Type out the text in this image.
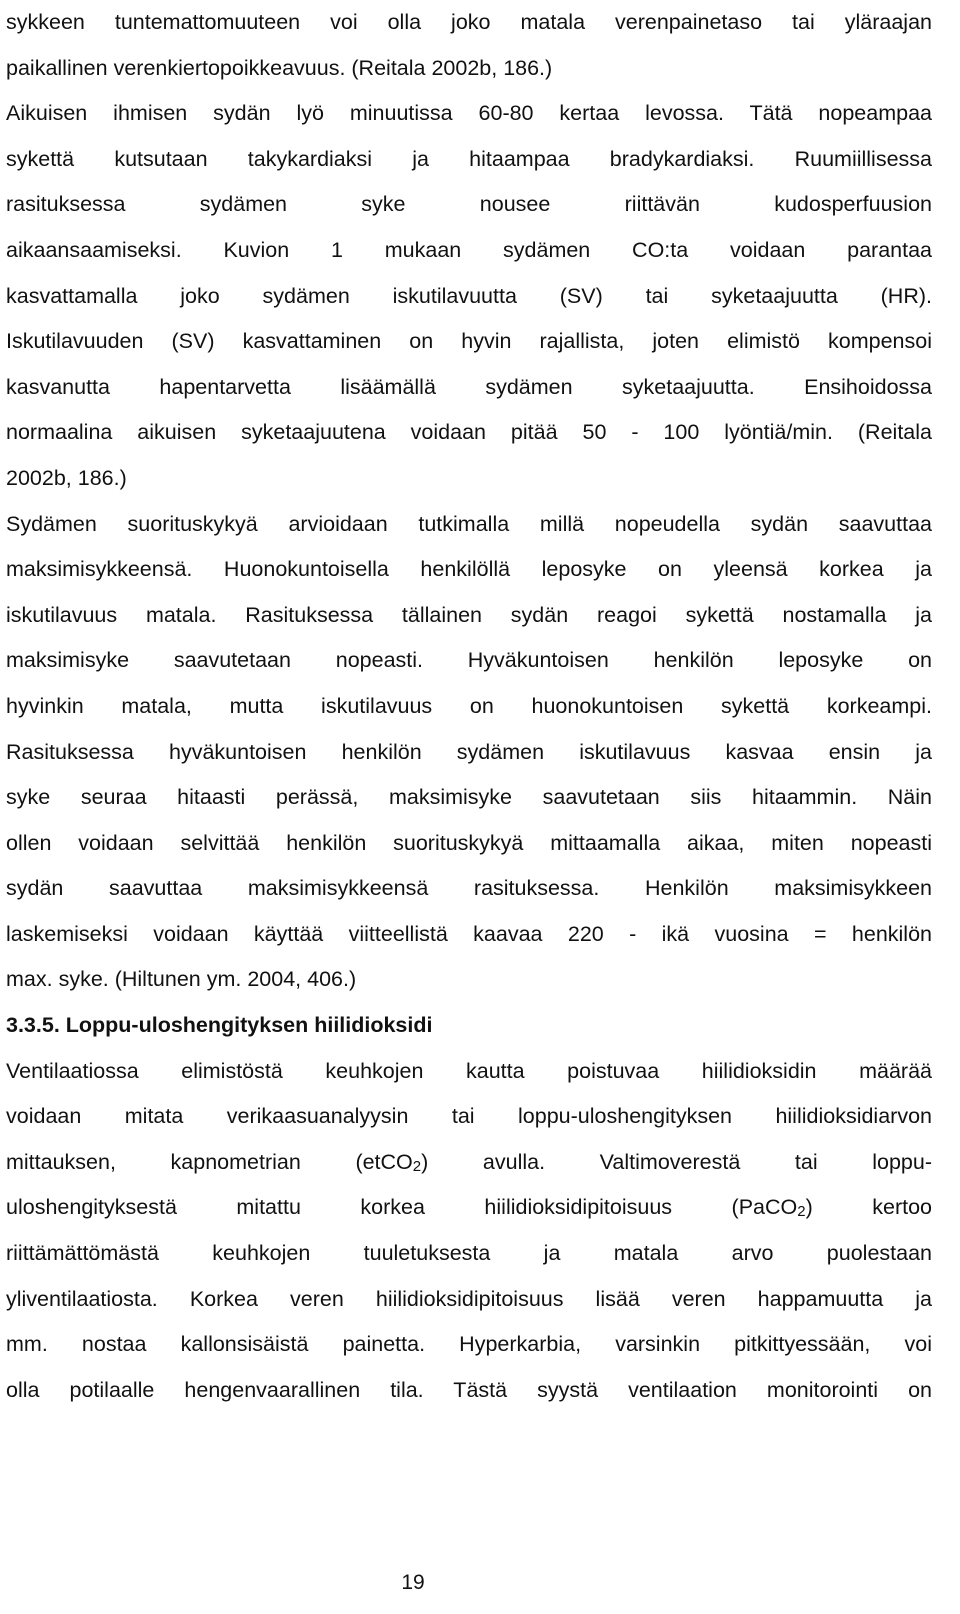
sykkeen tuntemattomuuteen voi olla joko matala verenpainetaso tai yläraajan
paikallinen verenkiertopoikkeavuus. (Reitala 2002b, 186.)
Aikuisen ihmisen sydän lyö minuutissa 60-80 kertaa levossa. Tätä nopeampaa
sykettä kutsutaan takykardiaksi ja hitaampaa bradykardiaksi. Ruumiillisessa
rasituksessa sydämen syke nousee riittävän kudosperfuusion
aikaansaamiseksi. Kuvion 1 mukaan sydämen CO:ta voidaan parantaa
kasvattamalla joko sydämen iskutilavuutta (SV) tai syketaajuutta (HR).
Iskutilavuuden (SV) kasvattaminen on hyvin rajallista, joten elimistö kompensoi
kasvanutta hapentarvetta lisäämällä sydämen syketaajuutta. Ensihoidossa
normaalina aikuisen syketaajuutena voidaan pitää 50 - 100 lyöntiä/min. (Reitala
2002b, 186.)
Sydämen suorituskykyä arvioidaan tutkimalla millä nopeudella sydän saavuttaa
maksimisykkeensä. Huonokuntoisella henkilöllä leposyke on yleensä korkea ja
iskutilavuus matala. Rasituksessa tällainen sydän reagoi sykettä nostamalla ja
maksimisyke saavutetaan nopeasti. Hyväkuntoisen henkilön leposyke on
hyvinkin matala, mutta iskutilavuus on huonokuntoisen sykettä korkeampi.
Rasituksessa hyväkuntoisen henkilön sydämen iskutilavuus kasvaa ensin ja
syke seuraa hitaasti perässä, maksimisyke saavutetaan siis hitaammin. Näin
ollen voidaan selvittää henkilön suorituskykyä mittaamalla aikaa, miten nopeasti
sydän saavuttaa maksimisykkeensä rasituksessa. Henkilön maksimisykkeen
laskemiseksi voidaan käyttää viitteellistä kaavaa 220 - ikä vuosina = henkilön
max. syke. (Hiltunen ym. 2004, 406.)
3.3.5. Loppu-uloshengityksen hiilidioksidi
Ventilaatiossa elimistöstä keuhkojen kautta poistuvaa hiilidioksidin määrää
voidaan mitata verikaasuanalyysin tai loppu-uloshengityksen hiilidioksidiarvon
mittauksen, kapnometrian (etCO$_2$) avulla. Valtimoverestä tai loppu-
uloshengityksestä mitattu korkea hiilidioksidipitoisuus (PaCO$_2$) kertoo
riittämättömästä keuhkojen tuuletuksesta ja matala arvo puolestaan
yliventilaatiosta. Korkea veren hiilidioksidipitoisuus lisää veren happamuutta ja
mm. nostaa kallonsisäistä painetta. Hyperkarbia, varsinkin pitkittyessään, voi
olla potilaalle hengenvaarallinen tila. Tästä syystä ventilaation monitorointi on
19
